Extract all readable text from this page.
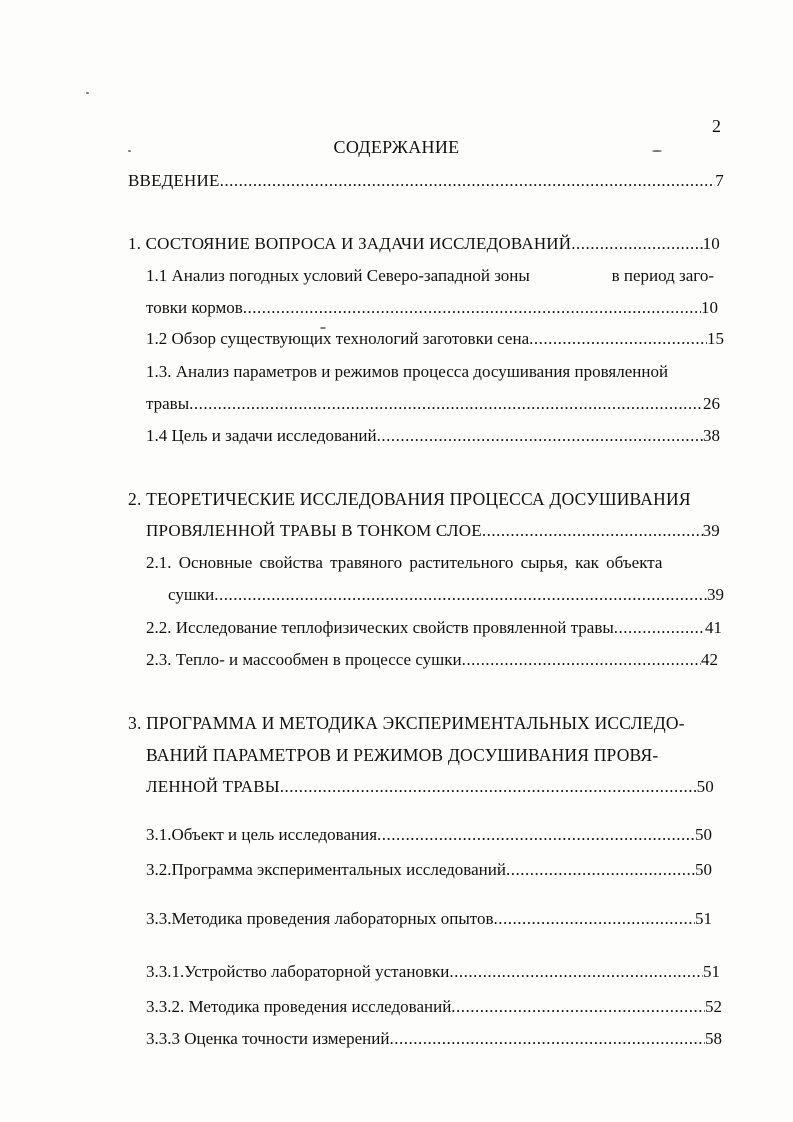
2
СОДЕРЖАНИЕ
ВВЕДЕНИЕ .....	7
1. СОСТОЯНИЕ ВОПРОСА И ЗАДАЧИ ИССЛЕДОВАНИЙ .....	10
1.1 Анализ погодных условий Северо-западной зоны	в период заго-
товки кормов .....	10
1.2 Обзор существующих технологий заготовки сена .....	15
1.3. Анализ параметров и режимов процесса досушивания провяленной
травы .....	26
1.4 Цель и задачи исследований .....	38
2. ТЕОРЕТИЧЕСКИЕ ИССЛЕДОВАНИЯ ПРОЦЕССА ДОСУШИВАНИЯ
ПРОВЯЛЕННОЙ ТРАВЫ В ТОНКОМ СЛОЕ .....	39
2.1. Основные свойства травяного растительного сырья, как объекта
сушки .....	39
2.2. Исследование теплофизических свойств провяленной травы .....	41
2.3. Тепло- и массообмен в процессе сушки .....	42
3. ПРОГРАММА И МЕТОДИКА ЭКСПЕРИМЕНТАЛЬНЫХ ИССЛЕДО-
ВАНИЙ ПАРАМЕТРОВ И РЕЖИМОВ ДОСУШИВАНИЯ ПРОВЯ-
ЛЕННОЙ ТРАВЫ .....	50
3.1.Объект и цель исследования .....	50
3.2.Программа экспериментальных исследований .....	50
3.3.Методика проведения лабораторных опытов .....	51
3.3.1.Устройство лабораторной установки .....	51
3.3.2. Методика проведения исследований .....	52
3.3.3 Оценка точности измерений .....	58
